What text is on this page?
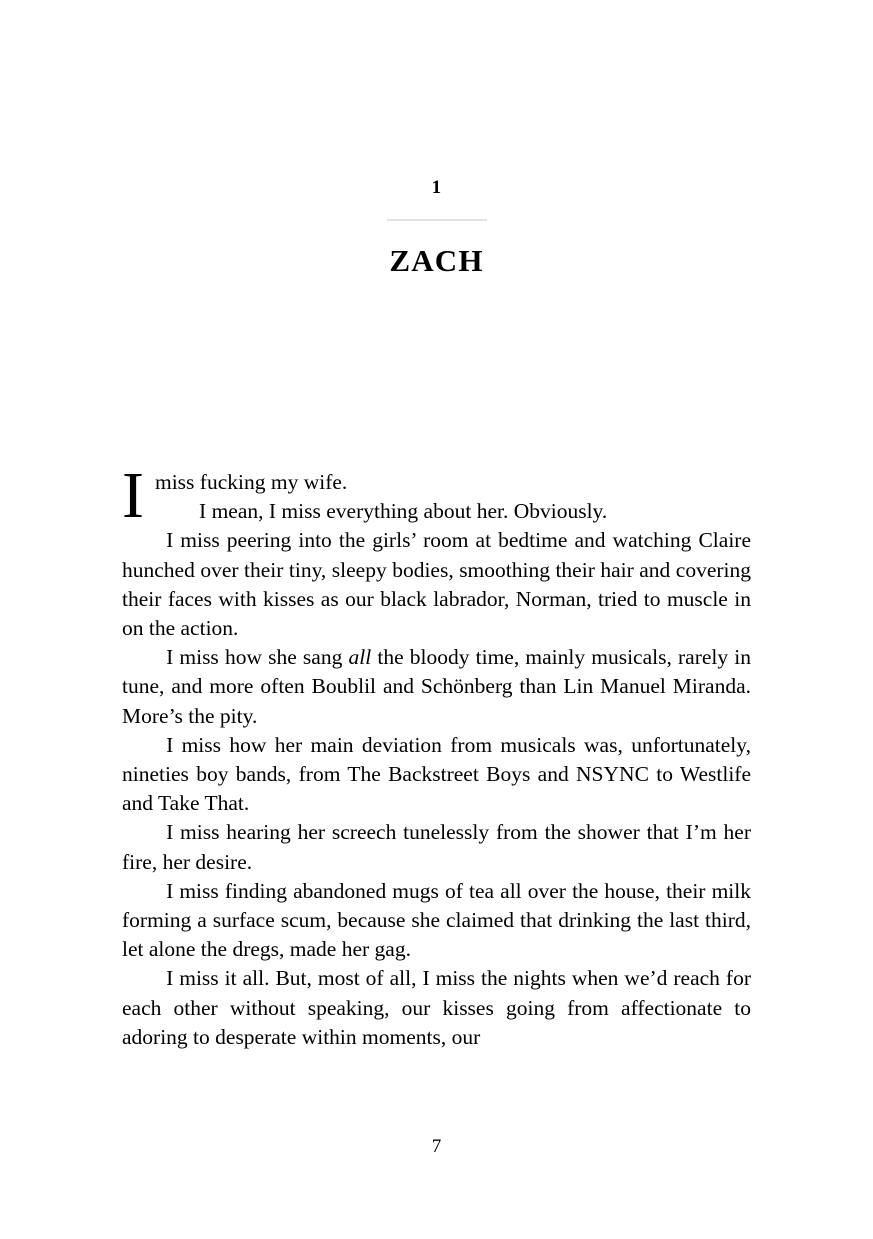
1
ZACH

Imiss fucking my wife.

I mean, I miss everything about her. Obviously.

I miss peering into the girls’ room at bedtime and watching Claire hunched over their tiny, sleepy bodies, smoothing their hair and covering their faces with kisses as our black labrador, Norman, tried to muscle in on the action.

I miss how she sang all the bloody time, mainly musicals, rarely in tune, and more often Boublil and Schönberg than Lin Manuel Miranda. More’s the pity.

I miss how her main deviation from musicals was, unfortunately, nineties boy bands, from The Backstreet Boys and NSYNC to Westlife and Take That.

I miss hearing her screech tunelessly from the shower that I’m her fire, her desire.

I miss finding abandoned mugs of tea all over the house, their milk forming a surface scum, because she claimed that drinking the last third, let alone the dregs, made her gag.

I miss it all. But, most of all, I miss the nights when we’d reach for each other without speaking, our kisses going from affectionate to adoring to desperate within moments, our

7
